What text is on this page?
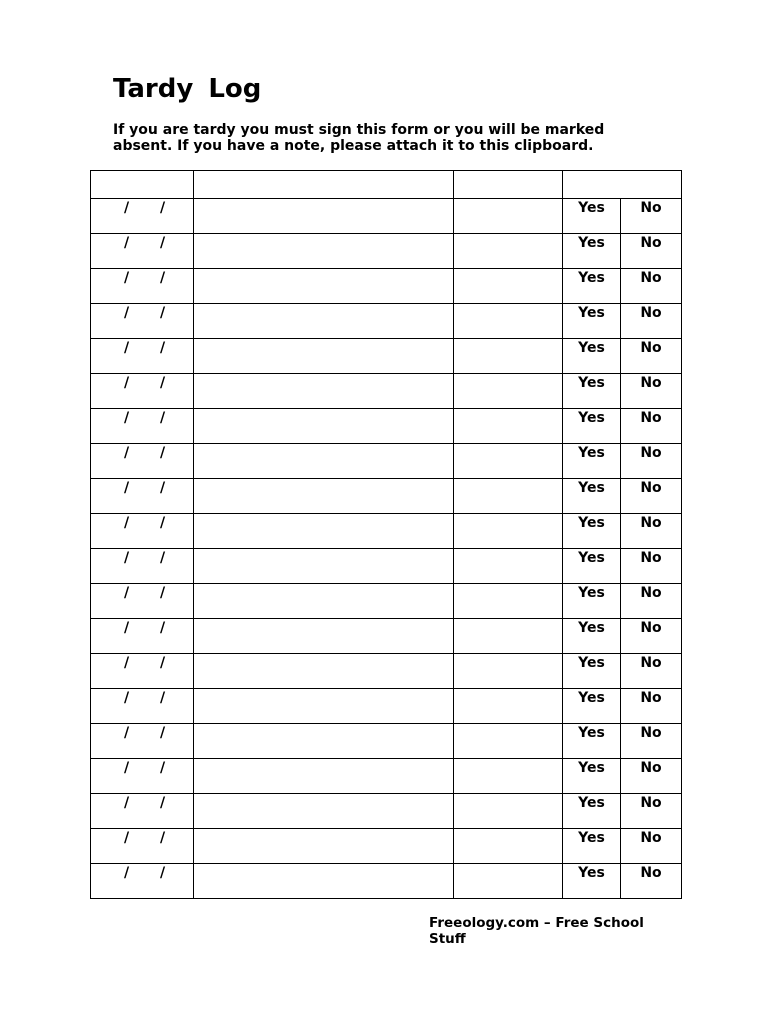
Tardy Log

If you are tardy you must sign this form or you will be marked absent. If you have a note, please attach it to this clipboard.

/ /			Yes	No

/ /			Yes	No

/ /			Yes	No

/ /			Yes	No

/ /			Yes	No

/ /			Yes	No

/ /			Yes	No

/ /			Yes	No

/ /			Yes	No

/ /			Yes	No

/ /			Yes	No

/ /			Yes	No

/ /			Yes	No

/ /			Yes	No

/ /			Yes	No

/ /			Yes	No

/ /			Yes	No

/ /			Yes	No

/ /			Yes	No

/ /			Yes	No

Freeology.com – Free School Stuff
